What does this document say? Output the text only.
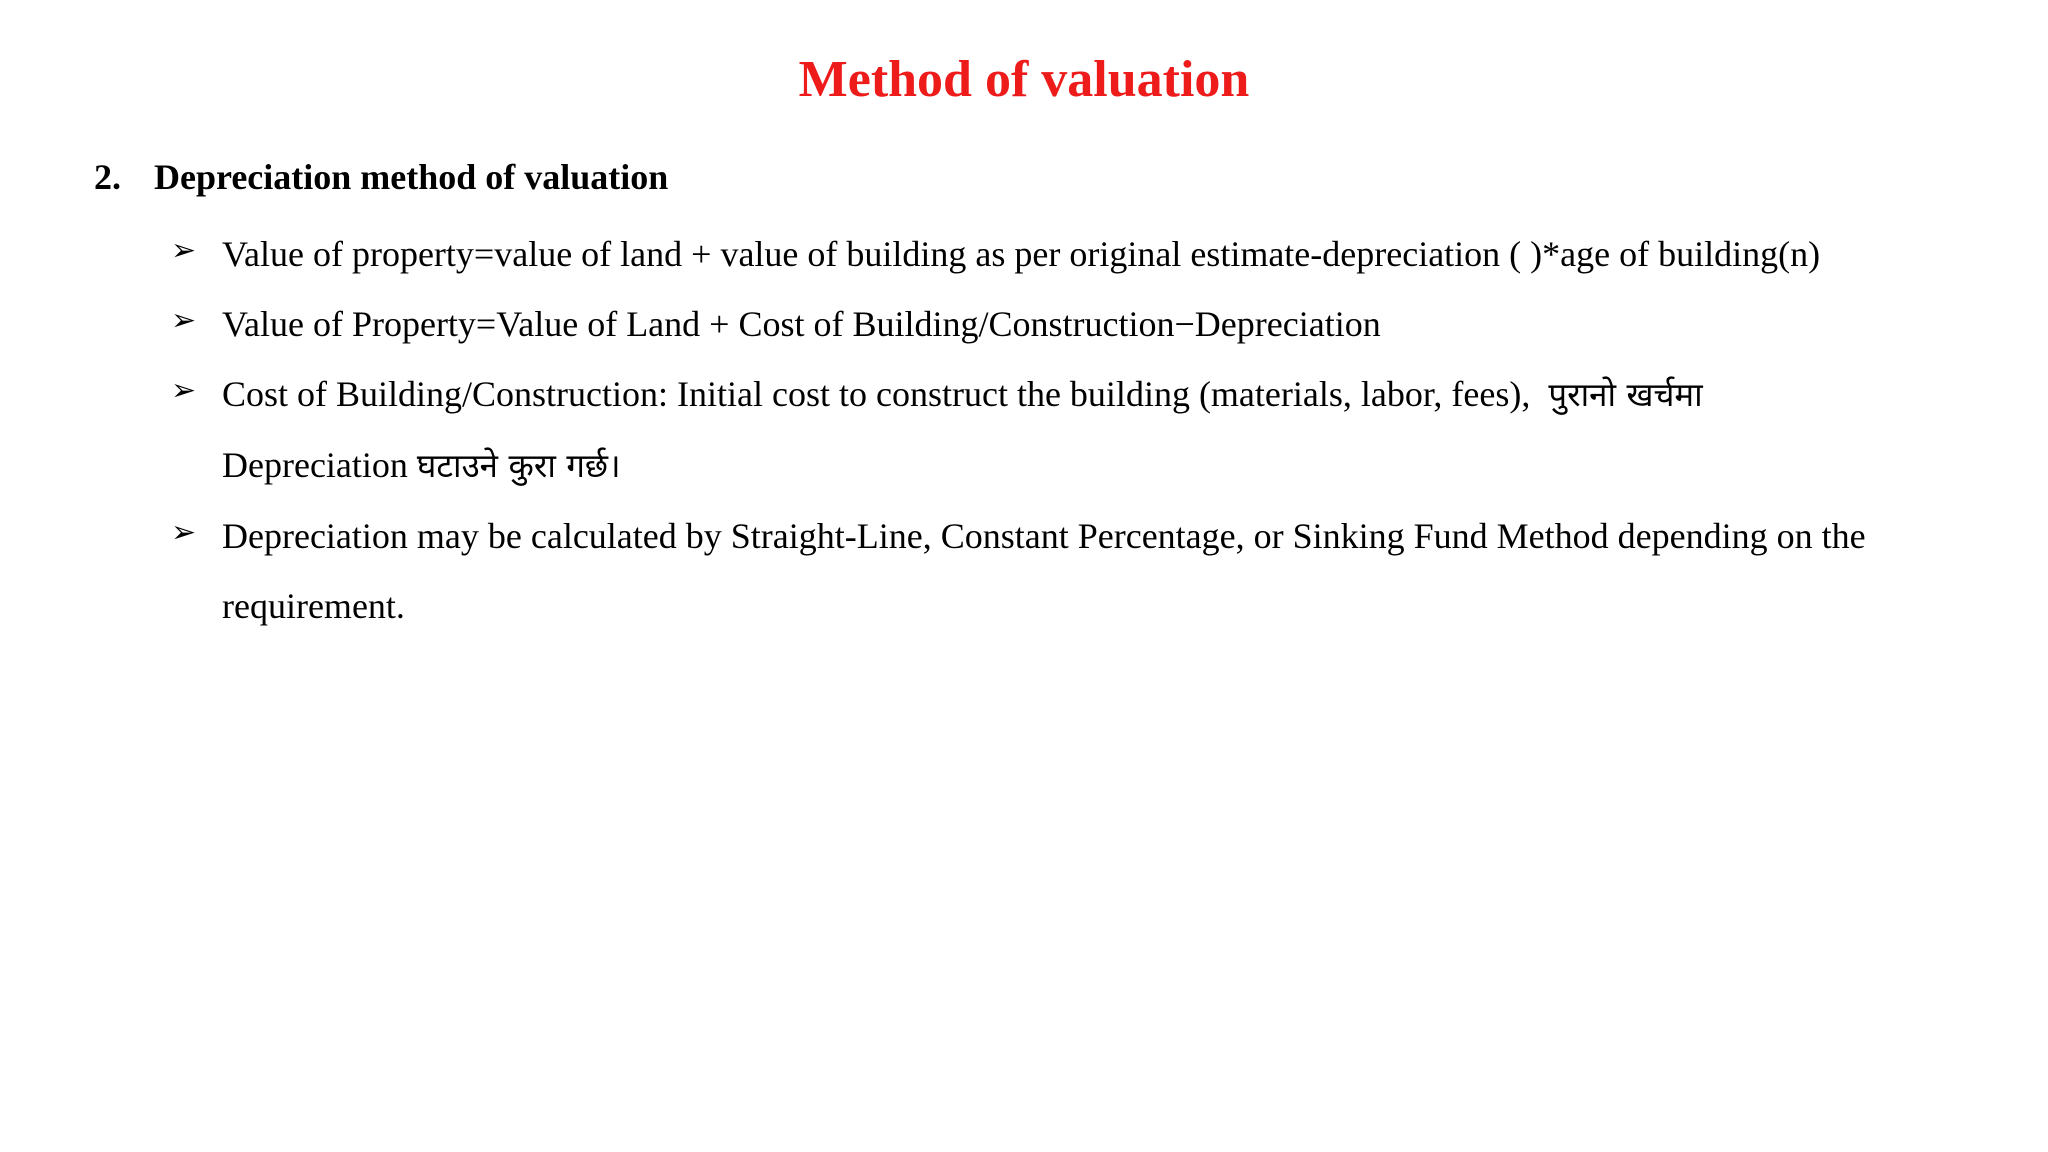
Method of valuation
2. Depreciation method of valuation
➢ Value of property=value of land + value of building as per original estimate-depreciation ( )*age of building(n)
➢ Value of Property=Value of Land + Cost of Building/Construction−Depreciation
➢ Cost of Building/Construction: Initial cost to construct the building (materials, labor, fees), पुरानो खर्चमा
Depreciation घटाउने कुरा गर्छ।
➢ Depreciation may be calculated by Straight-Line, Constant Percentage, or Sinking Fund Method depending on the requirement.
